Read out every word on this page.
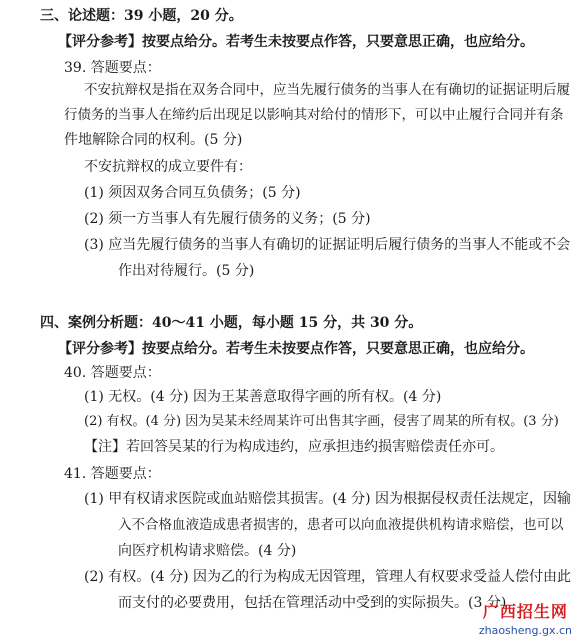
三、论述题：39 小题，20 分。
【评分参考】按要点给分。若考生未按要点作答，只要意思正确，也应给分。
39. 答题要点：
不安抗辩权是指在双务合同中，应当先履行债务的当事人在有确切的证据证明后履
行债务的当事人在缔约后出现足以影响其对给付的情形下，可以中止履行合同并有条
件地解除合同的权利。(5 分)
不安抗辩权的成立要件有：
(1) 须因双务合同互负债务；(5 分)
(2) 须一方当事人有先履行债务的义务；(5 分)
(3) 应当先履行债务的当事人有确切的证据证明后履行债务的当事人不能或不会
作出对待履行。(5 分)
四、案例分析题：40～41 小题，每小题 15 分，共 30 分。
【评分参考】按要点给分。若考生未按要点作答，只要意思正确，也应给分。
40. 答题要点：
(1) 无权。(4 分) 因为王某善意取得字画的所有权。(4 分)
(2) 有权。(4 分) 因为吴某未经周某许可出售其字画，侵害了周某的所有权。(3 分)
【注】若回答吴某的行为构成违约，应承担违约损害赔偿责任亦可。
41. 答题要点：
(1) 甲有权请求医院或血站赔偿其损害。(4 分) 因为根据侵权责任法规定，因输
入不合格血液造成患者损害的，患者可以向血液提供机构请求赔偿，也可以
向医疗机构请求赔偿。(4 分)
(2) 有权。(4 分) 因为乙的行为构成无因管理，管理人有权要求受益人偿付由此
而支付的必要费用，包括在管理活动中受到的实际损失。(3 分)
广西招生网
zhaosheng.gx.cn
